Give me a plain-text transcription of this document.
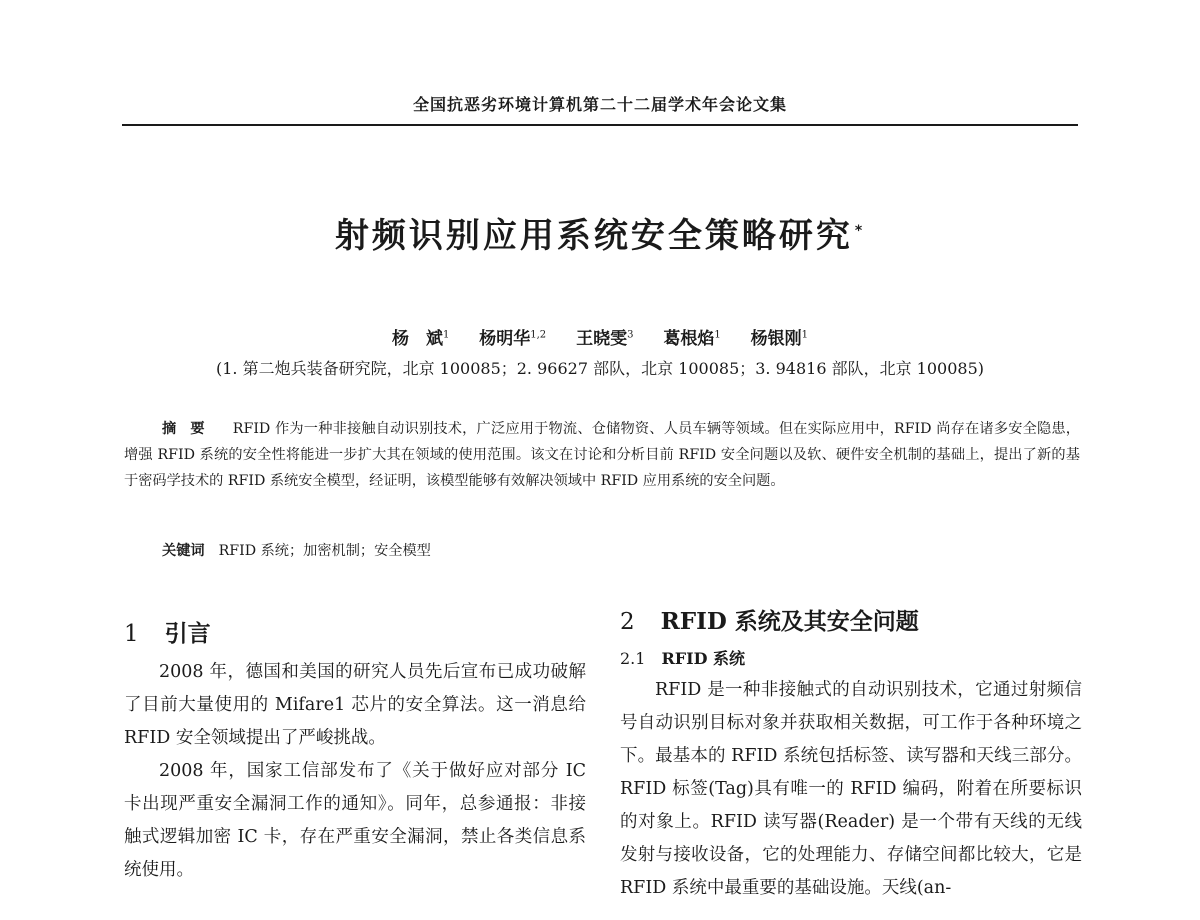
全国抗恶劣环境计算机第二十二届学术年会论文集
射频识别应用系统安全策略研究 *
杨　斌$^1$ 杨明华$^{1,2}$ 王晓雯$^3$ 葛根焰$^1$ 杨银刚$^1$
(1. 第二炮兵装备研究院，北京 100085；2. 96627 部队，北京 100085；3. 94816 部队，北京 100085)
摘要 RFID 作为一种非接触自动识别技术，广泛应用于物流、仓储物资、人员车辆等领域。但在实际应用中，RFID 尚存在诸多安全隐患，增强 RFID 系统的安全性将能进一步扩大其在领域的使用范围。该文在讨论和分析目前 RFID 安全问题以及软、硬件安全机制的基础上，提出了新的基于密码学技术的 RFID 系统安全模型，经证明，该模型能够有效解决领域中 RFID 应用系统的安全问题。
关键词 RFID 系统；加密机制；安全模型
1 引言

2008 年，德国和美国的研究人员先后宣布已成功破解了目前大量使用的 Mifare1 芯片的安全算法。这一消息给 RFID 安全领域提出了严峻挑战。

2008 年，国家工信部发布了《关于做好应对部分 IC 卡出现严重安全漏洞工作的通知》。同年，总参通报：非接触式逻辑加密 IC 卡，存在严重安全漏洞，禁止各类信息系统使用。

2 RFID 系统及其安全问题
2.1 RFID 系统

RFID 是一种非接触式的自动识别技术，它通过射频信号自动识别目标对象并获取相关数据，可工作于各种环境之下。最基本的 RFID 系统包括标签、读写器和天线三部分。RFID 标签(Tag)具有唯一的 RFID 编码，附着在所要标识的对象上。RFID 读写器(Reader) 是一个带有天线的无线发射与接收设备，它的处理能力、存储空间都比较大，它是 RFID 系统中最重要的基础设施。天线(an-
